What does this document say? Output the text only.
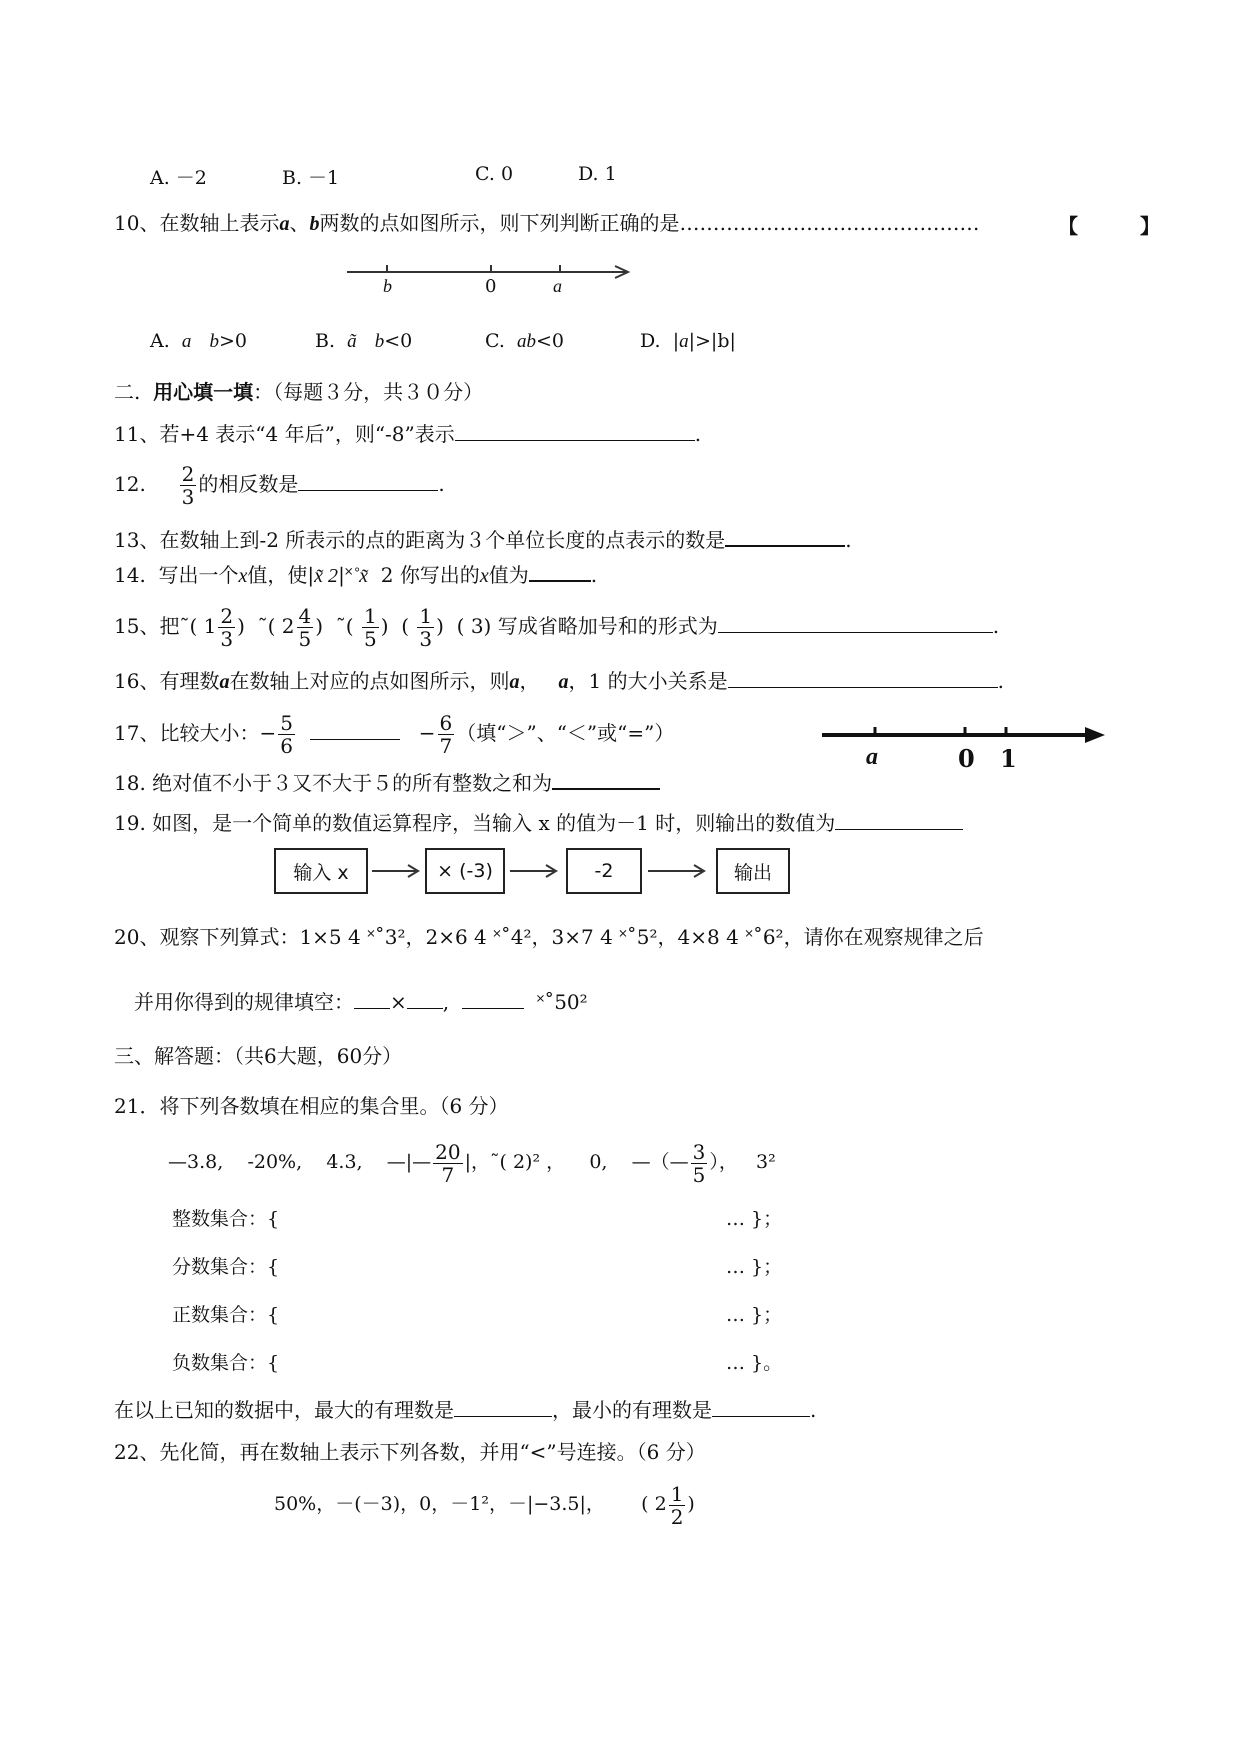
A. －2	B. －1	C. 0	D. 1
10、在数轴上表示a、b两数的点如图所示，则下列判断正确的是………………………………………	【	】
b	0	a
A. a b>0	B. ã b<0	C. ab<0	D.  |a|>|b|
二. 用心填一填：（每题３分，共３０分）
11、若+4 表示“4 年后”，则“-8”表示	.
12. $\frac{2}{3}$ 的相反数是	.
13、在数轴上到-2 所表示的点的距离为３个单位长度的点表示的数是	.
14. 写出一个x值，使|x̃ 2|˟˚x̃ 2 你写出的x值为	.
15、把˜( $1 \frac{2}{3}$ ) ˜( $2 \frac{4}{5}$ ) ˜( $\frac{1}{5}$ ) ( $\frac{1}{3}$ ) ( 3) 写成省略加号和的形式为	.
16、有理数a在数轴上对应的点如图所示，则a， a，1 的大小关系是	.
17、比较大小：− $\frac{5}{6}$	− $\frac{6}{7}$ （填“＞”、“＜”或“=”）
a	0 1
18. 绝对值不小于３又不大于５的所有整数之和为
19. 如图，是一个简单的数值运算程序，当输入 x 的值为－1 时，则输出的数值为
输入 x	× (-3)	-2	输出
20、观察下列算式：1×5 4 ˟˚3²，2×6 4 ˟˚4²，3×7 4 ˟˚5²，4×8 4 ˟˚6²，请你在观察规律之后
并用你得到的规律填空： × ,	˟˚50²
三、解答题：（共6大题，60分）
21．将下列各数填在相应的集合里。（6 分）
—3.8, -20%, 4.3, —|— $\frac{20}{7}$ |，˜( 2)² ， 0, —（— $\frac{3}{5}$ ）， 3²
整数集合：{	… }；
分数集合：{	… }；
正数集合：{	… }；
负数集合：{	… }。
在以上已知的数据中，最大的有理数是	，最小的有理数是	.
22、先化简，再在数轴上表示下列各数，并用“<”号连接。（6 分）
50%，－(－3)，0，－1²，－|−3.5|， ( $2 \frac{1}{2}$ )
